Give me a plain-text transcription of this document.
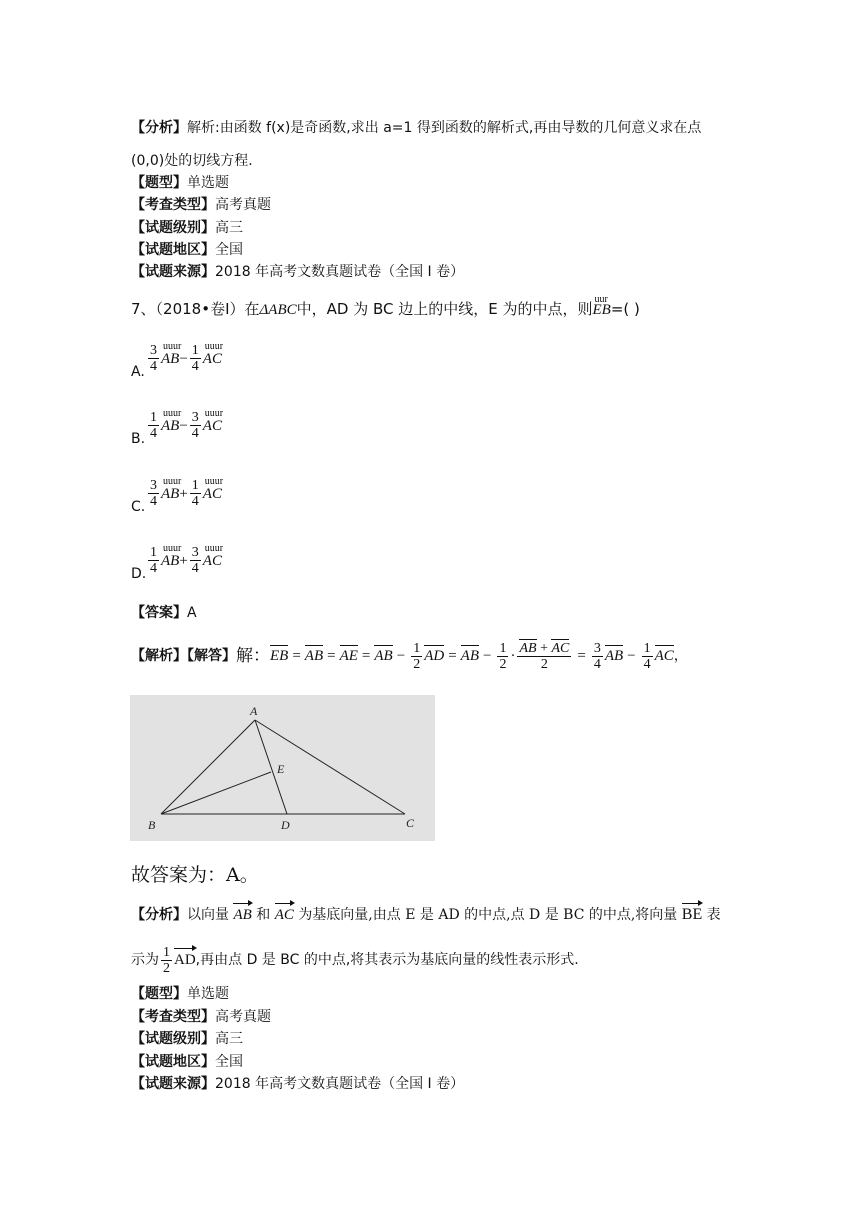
【分析】解析:由函数 f(x)是奇函数,求出 a=1 得到函数的解析式,再由导数的几何意义求在点
(0,0)处的切线方程.
【题型】单选题
【考查类型】高考真题
【试题级别】高三
【试题地区】全国
【试题来源】2018 年高考文数真题试卷（全国 I 卷）
7、（2018•卷Ⅰ）在ΔABC中，AD 为 BC 边上的中线，E 为的中点，则
uur
EB=( )
A. $\frac{3}{4}$ uuur
$AB- \frac{1}{4}$ uuur
AC
B. $\frac{1}{4}$ uuur
$AB- \frac{3}{4}$ uuur
AC
C. $\frac{3}{4}$ uuur
$AB+ \frac{1}{4}$ uuur
AC
D. $\frac{1}{4}$ uuur
$AB+ \frac{3}{4}$ uuur
AC
【答案】A
【解析】【解答】 解： EB = AB = AE = AB − $\frac{1}{2}$ AD = AB − $\frac{1}{2} \cdot \frac{AB + AC}{2} = \frac{3}{4}$ AB − $\frac{1}{4}$ AC ，
A
B	C
D
E
故答案为：A。
【分析】以向量 AB 和 AC 为基底向量,由点 E 是 AD 的中点,点 D 是 BC 的中点,将向量 BE 表
示为 $\frac{1}{2}$ AD ,再由点 D 是 BC 的中点,将其表示为基底向量的线性表示形式.
【题型】单选题
【考查类型】高考真题
【试题级别】高三
【试题地区】全国
【试题来源】2018 年高考文数真题试卷（全国 I 卷）
